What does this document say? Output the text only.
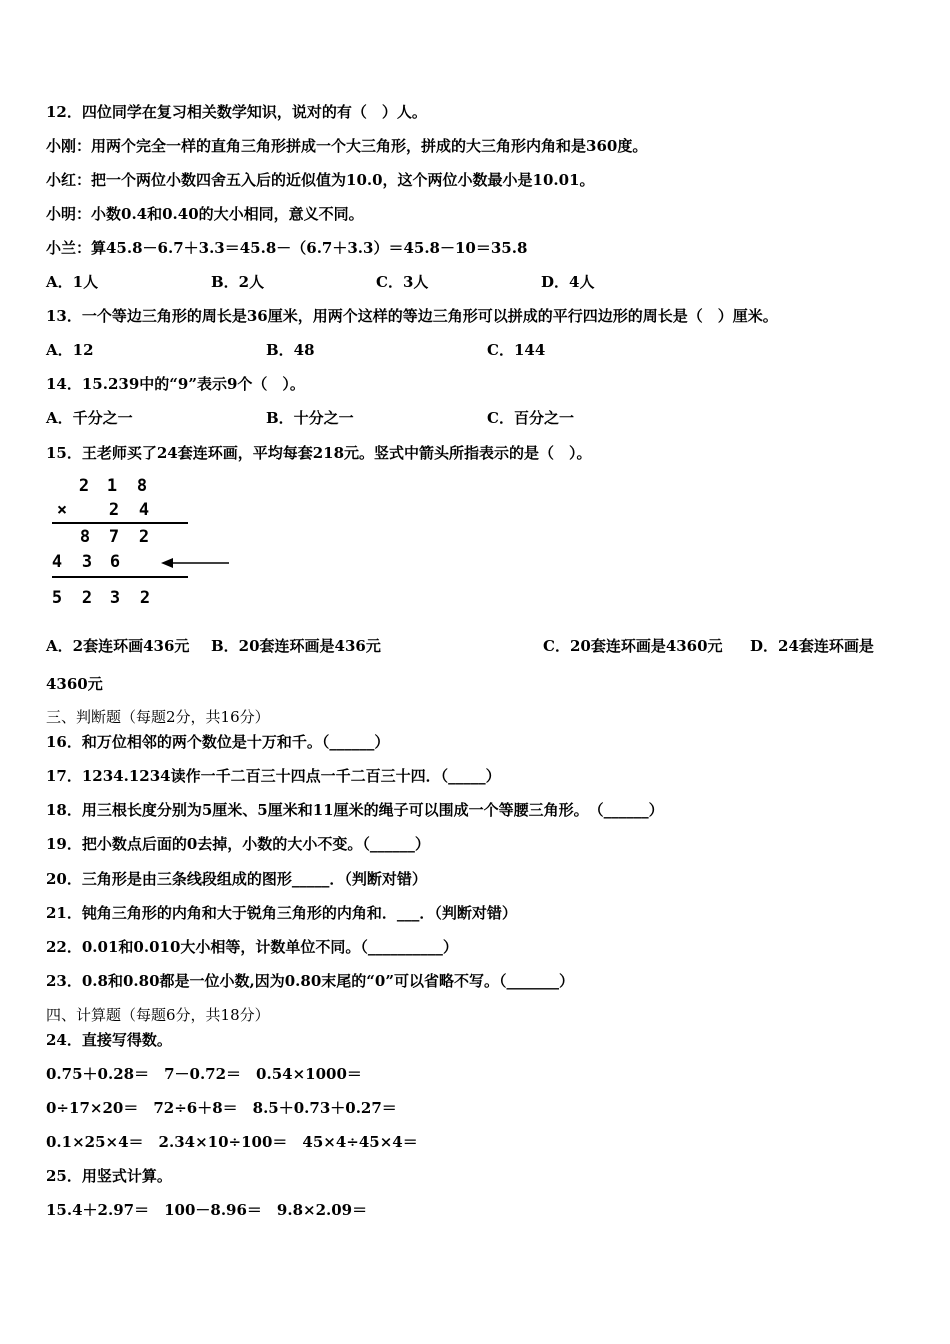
12．四位同学在复习相关数学知识，说对的有（　）人。
小刚：用两个完全一样的直角三角形拼成一个大三角形，拼成的大三角形内角和是360度。
小红：把一个两位小数四舍五入后的近似值为10.0，这个两位小数最小是10.01。
小明：小数0.4和0.40的大小相同，意义不同。
小兰：算45.8－6.7＋3.3＝45.8－（6.7＋3.3）＝45.8－10＝35.8
A．1人	B．2人	C．3人	D．4人
13．一个等边三角形的周长是36厘米，用两个这样的等边三角形可以拼成的平行四边形的周长是（　）厘米。
A．12	B．48	C．144
14．15.239中的“9”表示9个（　）。
A．千分之一	B．十分之一	C．百分之一
15．王老师买了24套连环画，平均每套218元。竖式中箭头所指表示的是（　）。
2 1 8
× 2 4
8 7 2
4 3 6
5 2 3 2
A．2套连环画436元 B．20套连环画是436元	C．20套连环画是4360元 D．24套连环画是
4360元
三、判断题（每题2分，共16分）
16．和万位相邻的两个数位是十万和千。（______）
17．1234.1234读作一千二百三十四点一千二百三十四．（_____）
18．用三根长度分别为5厘米、5厘米和11厘米的绳子可以围成一个等腰三角形。　（______）
19．把小数点后面的0去掉，小数的大小不变。（______）
20．三角形是由三条线段组成的图形_____．（判断对错）
21．钝角三角形的内角和大于锐角三角形的内角和．___．（判断对错）
22．0.01和0.010大小相等，计数单位不同。（__________）
23．0.8和0.80都是一位小数,因为0.80末尾的“0”可以省略不写。（_______）
四、计算题（每题6分，共18分）
24．直接写得数。
0.75＋0.28＝　7－0.72＝　0.54×1000＝
0÷17×20＝　72÷6＋8＝　8.5＋0.73＋0.27＝
0.1×25×4＝　2.34×10÷100＝　45×4÷45×4＝
25．用竖式计算。
15.4＋2.97＝　100－8.96＝　9.8×2.09＝
